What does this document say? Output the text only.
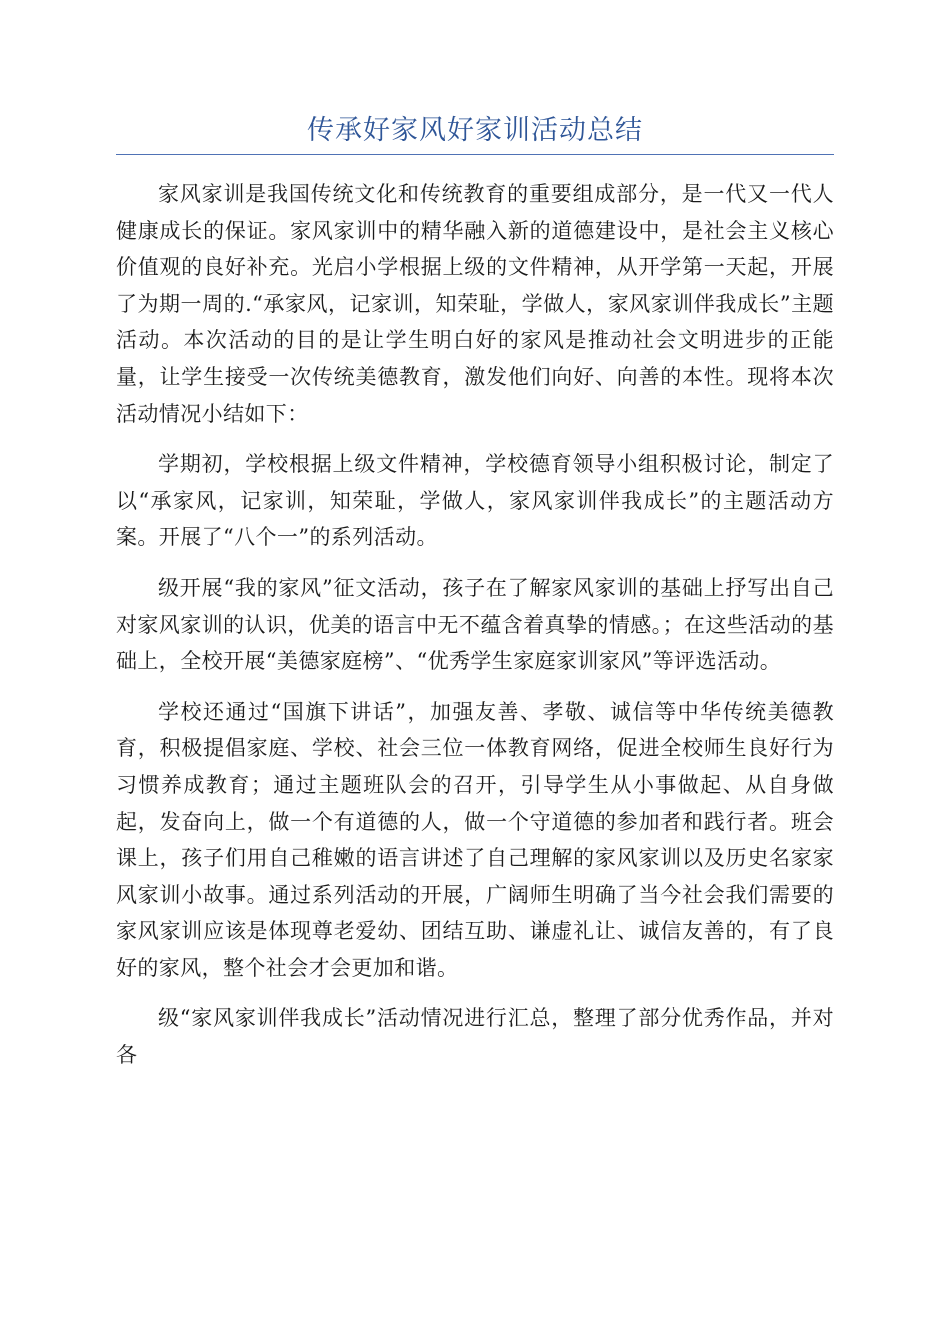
传承好家风好家训活动总结

家风家训是我国传统文化和传统教育的重要组成部分，是一代又一代人健康成长的保证。家风家训中的精华融入新的道德建设中，是社会主义核心价值观的良好补充。光启小学根据上级的文件精神，从开学第一天起，开展了为期一周的.“承家风，记家训，知荣耻，学做人，家风家训伴我成长”主题活动。本次活动的目的是让学生明白好的家风是推动社会文明进步的正能量，让学生接受一次传统美德教育，激发他们向好、向善的本性。现将本次活动情况小结如下：

学期初，学校根据上级文件精神，学校德育领导小组积极讨论，制定了以“承家风，记家训，知荣耻，学做人，家风家训伴我成长”的主题活动方案。开展了“八个一”的系列活动。

级开展“我的家风”征文活动，孩子在了解家风家训的基础上抒写出自己对家风家训的认识，优美的语言中无不蕴含着真挚的情感。；在这些活动的基础上，全校开展“美德家庭榜”、“优秀学生家庭家训家风”等评选活动。

学校还通过“国旗下讲话”，加强友善、孝敬、诚信等中华传统美德教育，积极提倡家庭、学校、社会三位一体教育网络，促进全校师生良好行为习惯养成教育；通过主题班队会的召开，引导学生从小事做起、从自身做起，发奋向上，做一个有道德的人，做一个守道德的参加者和践行者。班会课上，孩子们用自己稚嫩的语言讲述了自己理解的家风家训以及历史名家家风家训小故事。通过系列活动的开展，广阔师生明确了当今社会我们需要的家风家训应该是体现尊老爱幼、团结互助、谦虚礼让、诚信友善的，有了良好的家风，整个社会才会更加和谐。

级“家风家训伴我成长”活动情况进行汇总，整理了部分优秀作品，并对各
